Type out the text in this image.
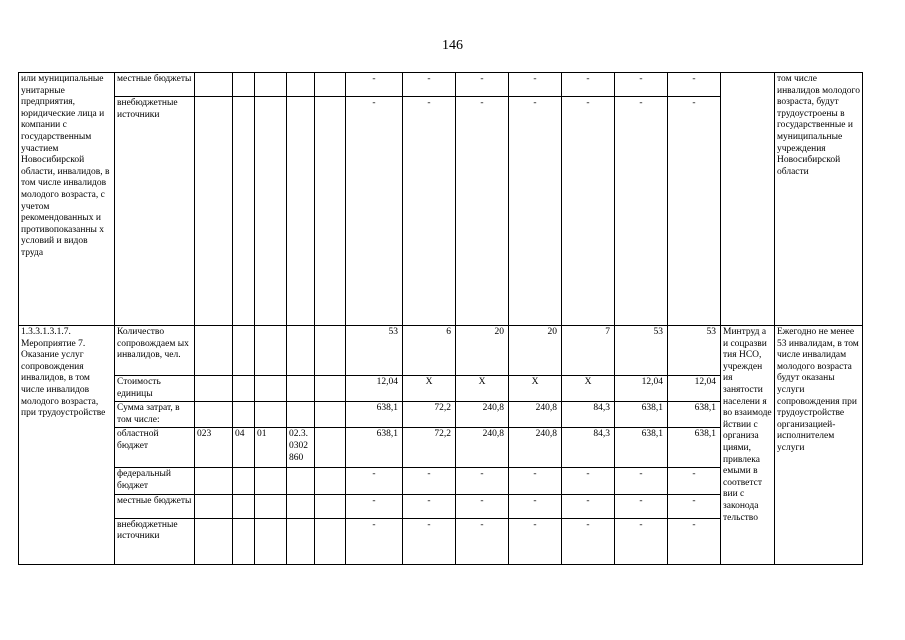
146
или муниципальные унитарные предприятия, юридические лица и компании с государственным участием Новосибирской области, инвалидов, в том числе инвалидов молодого возраста, с учетом рекомендованных и противопоказанны х условий и видов труда	местные бюджеты						-	-	-	-	-	-	-		том числе инвалидов молодого возраста, будут трудоустроены в государственные и муниципальные учреждения Новосибирской области
	внебюджетные источники						-	-	-	-	-	-	-		
1.3.3.1.3.1.7. Мероприятие 7. Оказание услуг сопровождения инвалидов, в том числе инвалидов молодого возраста, при трудоустройстве	Количество сопровождаем ых инвалидов, чел.						53	6	20	20	7	53	53	Минтруд а и соцразви тия НСО, учрежден ия занятости населени я во взаимоде йствии с организа циями, привлека емыми в соответст вии с законода тельство	Ежегодно не менее 53 инвалидам, в том числе инвалидам молодого возраста будут оказаны услуги сопровождения при трудоустройстве организацией-исполнителем услуги
	Стоимость единицы						12,04	X	X	X	X	12,04	12,04		
	Сумма затрат, в том числе:						638,1	72,2	240,8	240,8	84,3	638,1	638,1		
	областной бюджет	023	04	01	02.3. 0302 860		638,1	72,2	240,8	240,8	84,3	638,1	638,1		
	федеральный бюджет						-	-	-	-	-	-	-		
	местные бюджеты						-	-	-	-	-	-	-		
	внебюджетные источники						-	-	-	-	-	-	-		
